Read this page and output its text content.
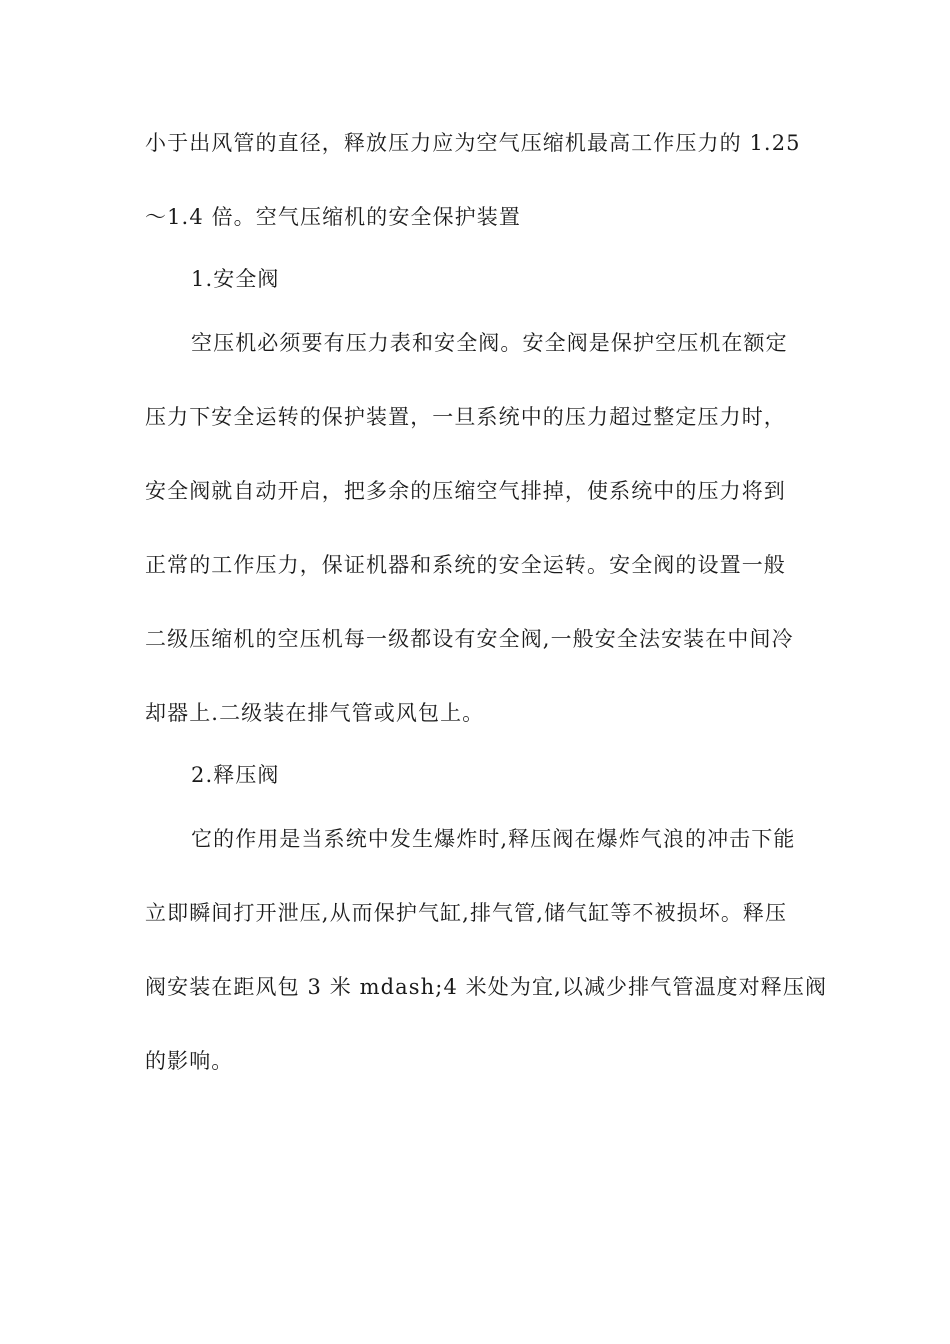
小于出风管的直径，释放压力应为空气压缩机最高工作压力的 1.25

～1.4 倍。空气压缩机的安全保护装置

1.安全阀

空压机必须要有压力表和安全阀。安全阀是保护空压机在额定

压力下安全运转的保护装置，一旦系统中的压力超过整定压力时，

安全阀就自动开启，把多余的压缩空气排掉，使系统中的压力将到

正常的工作压力，保证机器和系统的安全运转。安全阀的设置一般

二级压缩机的空压机每一级都设有安全阀,一般安全法安装在中间冷

却器上.二级装在排气管或风包上。

2.释压阀

它的作用是当系统中发生爆炸时,释压阀在爆炸气浪的冲击下能

立即瞬间打开泄压,从而保护气缸,排气管,储气缸等不被损坏。释压

阀安装在距风包 3 米 mdash;4 米处为宜,以减少排气管温度对释压阀

的影响。
